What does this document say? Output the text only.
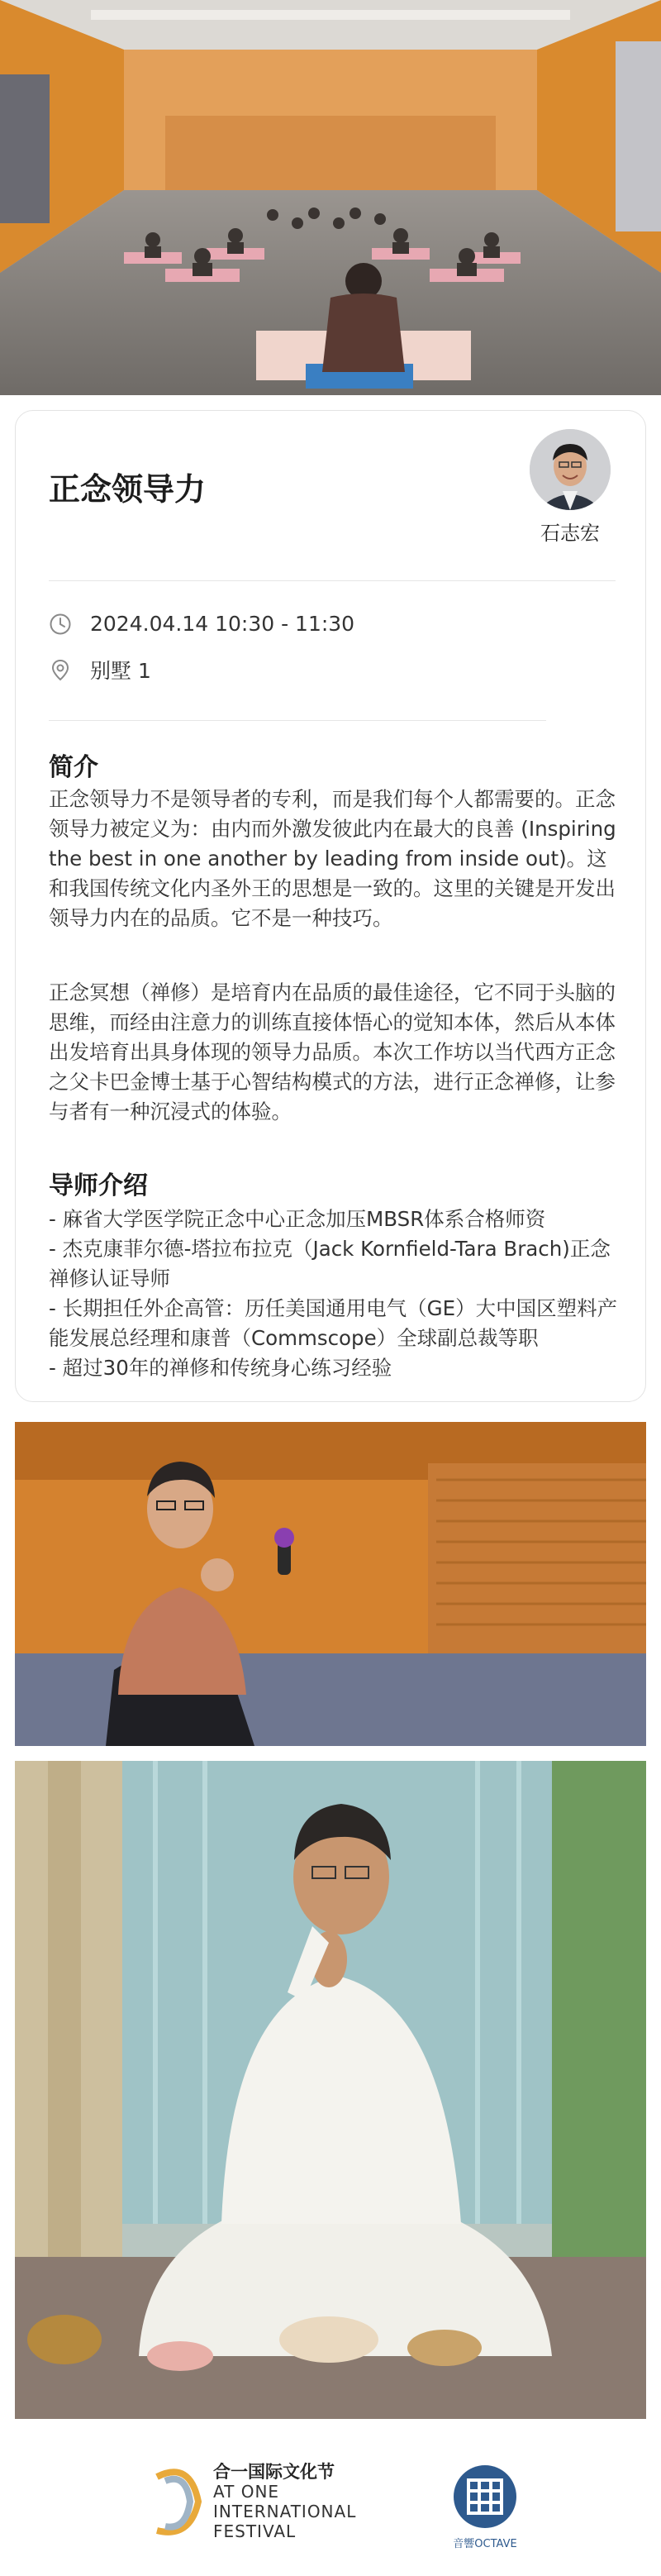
正念领导力
石志宏
2024.04.14 10:30 - 11:30
别墅 1
简介
正念领导力不是领导者的专利，而是我们每个人都需要的。正念领导力被定义为：由内而外激发彼此内在最大的良善 (Inspiring the best in one another by leading from inside out)。这和我国传统文化内圣外王的思想是一致的。这里的关键是开发出领导力内在的品质。它不是一种技巧。
正念冥想（禅修）是培育内在品质的最佳途径，它不同于头脑的思维，而经由注意力的训练直接体悟心的觉知本体，然后从本体出发培育出具身体现的领导力品质。本次工作坊以当代西方正念之父卡巴金博士基于心智结构模式的方法，进行正念禅修，让参与者有一种沉浸式的体验。
导师介绍
- 麻省大学医学院正念中心正念加压MBSR体系合格师资
- 杰克康菲尔德-塔拉布拉克（Jack Kornfield-Tara Brach)正念禅修认证导师
- 长期担任外企高管：历任美国通用电气（GE）大中国区塑料产能发展总经理和康普（Commscope）全球副总裁等职
- 超过30年的禅修和传统身心练习经验
合一国际文化节
AT ONE
INTERNATIONAL
FESTIVAL
音響OCTAVE
